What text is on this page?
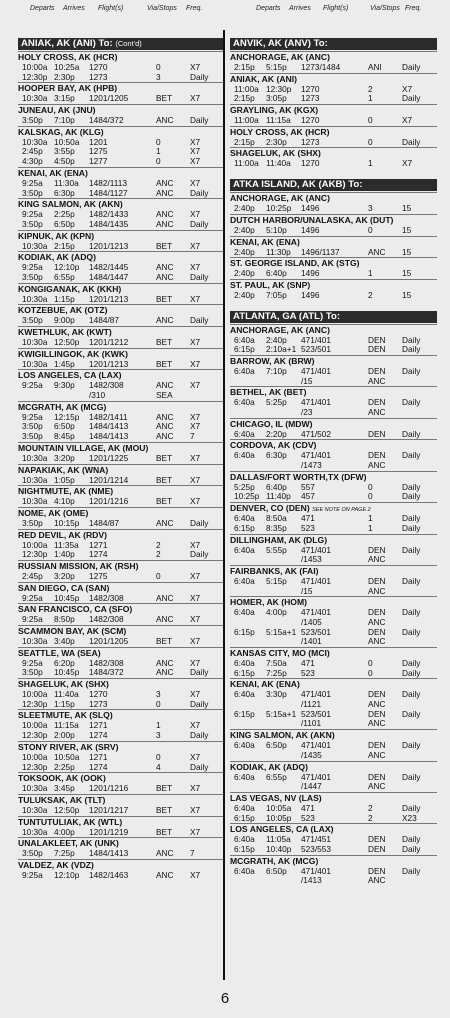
Departs Arrives Flight(s)	Via/Stops Freq.	Departs Arrives Flight(s)	Via/Stops Freq.
ANIAK, AK (ANI) To: (Cont'd)
HOLY CROSS, AK (HCR)
10:00a 10:25a 1270	0	X7
12:30p 2:30p 1273	3	Daily
HOOPER BAY, AK (HPB)
10:30a 3:15p 1201/1205	BET X7
JUNEAU, AK (JNU)
3:50p 7:10p 1484/372	ANC Daily
KALSKAG, AK (KLG)
10:30a 10:50a 1201	0	X7
2:45p 3:55p 1275	1	X7
4:30p 4:50p 1277	0	X7
KENAI, AK (ENA)
9:25a 11:30a 1482/1113	ANC X7
3:50p 6:30p 1484/1127	ANC Daily
KING SALMON, AK (AKN)
9:25a 2:25p 1482/1433	ANC X7
3:50p 6:50p 1484/1435	ANC Daily
KIPNUK, AK (KPN)
10:30a 2:15p 1201/1213	BET X7
KODIAK, AK (ADQ)
9:25a 12:10p 1482/1445	ANC X7
3:50p 6:55p 1484/1447	ANC Daily
KONGIGANAK, AK (KKH)
10:30a 1:15p 1201/1213	BET X7
KOTZEBUE, AK (OTZ)
3:50p 9:00p 1484/87	ANC Daily
KWETHLUK, AK (KWT)
10:30a 12:50p 1201/1212	BET X7
KWIGILLINGOK, AK (KWK)
10:30a 1:45p 1201/1213	BET X7
LOS ANGELES, CA (LAX)
9:25a 9:30p 1482/308	ANC X7
/310	SEA
MCGRATH, AK (MCG)
9:25a 12:15p 1482/1411	ANC X7
3:50p 6:50p 1484/1413	ANC X7
3:50p 8:45p 1484/1413	ANC 7
MOUNTAIN VILLAGE, AK (MOU)
10:30a 3:20p 1201/1225	BET X7
NAPAKIAK, AK (WNA)
10:30a 1:05p 1201/1214	BET X7
NIGHTMUTE, AK (NME)
10:30a 4:10p 1201/1216	BET X7
NOME, AK (OME)
3:50p 10:15p 1484/87	ANC Daily
RED DEVIL, AK (RDV)
10:00a 11:35a 1271	2	X7
12:30p 1:40p 1274	2	Daily
RUSSIAN MISSION, AK (RSH)
2:45p 3:20p 1275	0	X7
SAN DIEGO, CA (SAN)
9:25a 10:45p 1482/308	ANC X7
SAN FRANCISCO, CA (SFO)
9:25a 8:50p 1482/308	ANC X7
SCAMMON BAY, AK (SCM)
10:30a 3:40p 1201/1205	BET X7
SEATTLE, WA (SEA)
9:25a 6:20p 1482/308	ANC X7
3:50p 10:45p 1484/372	ANC Daily
SHAGELUK, AK (SHX)
10:00a 11:40a 1270	3	X7
12:30p 1:15p 1273	0	Daily
SLEETMUTE, AK (SLQ)
10:00a 11:15a 1271	1	X7
12:30p 2:00p 1274	3	Daily
STONY RIVER, AK (SRV)
10:00a 10:50a 1271	0	X7
12:30p 2:25p 1274	4	Daily
TOKSOOK, AK (OOK)
10:30a 3:45p 1201/1216	BET X7
TULUKSAK, AK (TLT)
10:30a 12:50p 1201/1217	BET X7
TUNTUTULIAK, AK (WTL)
10:30a 4:00p 1201/1219	BET X7
UNALAKLEET, AK (UNK)
3:50p 7:25p 1484/1413	ANC 7
VALDEZ, AK (VDZ)
9:25a 12:10p 1482/1463	ANC X7
ANVIK, AK (ANV) To:
ANCHORAGE, AK (ANC)
2:15p 5:15p 1273/1484	ANI Daily
ANIAK, AK (ANI)
11:00a 12:30p 1270	2	X7
2:15p 3:05p 1273	1	Daily
GRAYLING, AK (KGX)
11:00a 11:15a 1270	0	X7
HOLY CROSS, AK (HCR)
2:15p 2:30p 1273	0	Daily
SHAGELUK, AK (SHX)
11:00a 11:40a 1270	1	X7
ATKA ISLAND, AK (AKB) To:
ANCHORAGE, AK (ANC)
2:40p 10:25p 1496	3	15
DUTCH HARBOR/UNALASKA, AK (DUT)
2:40p 5:10p 1496	0	15
KENAI, AK (ENA)
2:40p 11:30p 1496/1137	ANC 15
ST. GEORGE ISLAND, AK (STG)
2:40p 6:40p 1496	1	15
ST. PAUL, AK (SNP)
2:40p 7:05p 1496	2	15
ATLANTA, GA (ATL) To:
ANCHORAGE, AK (ANC)
6:40a 2:40p 471/401	DEN Daily
6:15p 2:10a+1 523/501	DEN Daily
BARROW, AK (BRW)
6:40a 7:10p 471/401	DEN Daily
/15	ANC
BETHEL, AK (BET)
6:40a 5:25p 471/401	DEN Daily
/23	ANC
CHICAGO, IL (MDW)
6:40a 2:20p 471/502	DEN Daily
CORDOVA, AK (CDV)
6:40a 6:30p 471/401	DEN Daily
/1473	ANC
DALLAS/FORT WORTH,TX (DFW)
5:25p 6:40p 557	0	Daily
10:25p 11:40p 457	0	Daily
DENVER, CO (DEN) SEE NOTE ON PAGE 2
6:40a 8:50a 471	1	Daily
6:15p 8:35p 523	1	Daily
DILLINGHAM, AK (DLG)
6:40a 5:55p 471/401	DEN Daily
/1453	ANC
FAIRBANKS, AK (FAI)
6:40a 5:15p 471/401	DEN Daily
/15	ANC
HOMER, AK (HOM)
6:40a 4:00p 471/401	DEN Daily
/1405	ANC
6:15p 5:15a+1 523/501	DEN Daily
/1401	ANC
KANSAS CITY, MO (MCI)
6:40a 7:50a 471	0	Daily
6:15p 7:25p 523	0	Daily
KENAI, AK (ENA)
6:40a 3:30p 471/401	DEN Daily
/1121	ANC
6:15p 5:15a+1 523/501	DEN Daily
/1101	ANC
KING SALMON, AK (AKN)
6:40a 6:50p 471/401	DEN Daily
/1435	ANC
KODIAK, AK (ADQ)
6:40a 6:55p 471/401	DEN Daily
/1447	ANC
LAS VEGAS, NV (LAS)
6:40a 10:05a 471	2	Daily
6:15p 10:05p 523	2	X23
LOS ANGELES, CA (LAX)
6:40a 11:05a 471/451	DEN Daily
6:15p 10:40p 523/553	DEN Daily
MCGRATH, AK (MCG)
6:40a 6:50p 471/401	DEN Daily
/1413	ANC
6
